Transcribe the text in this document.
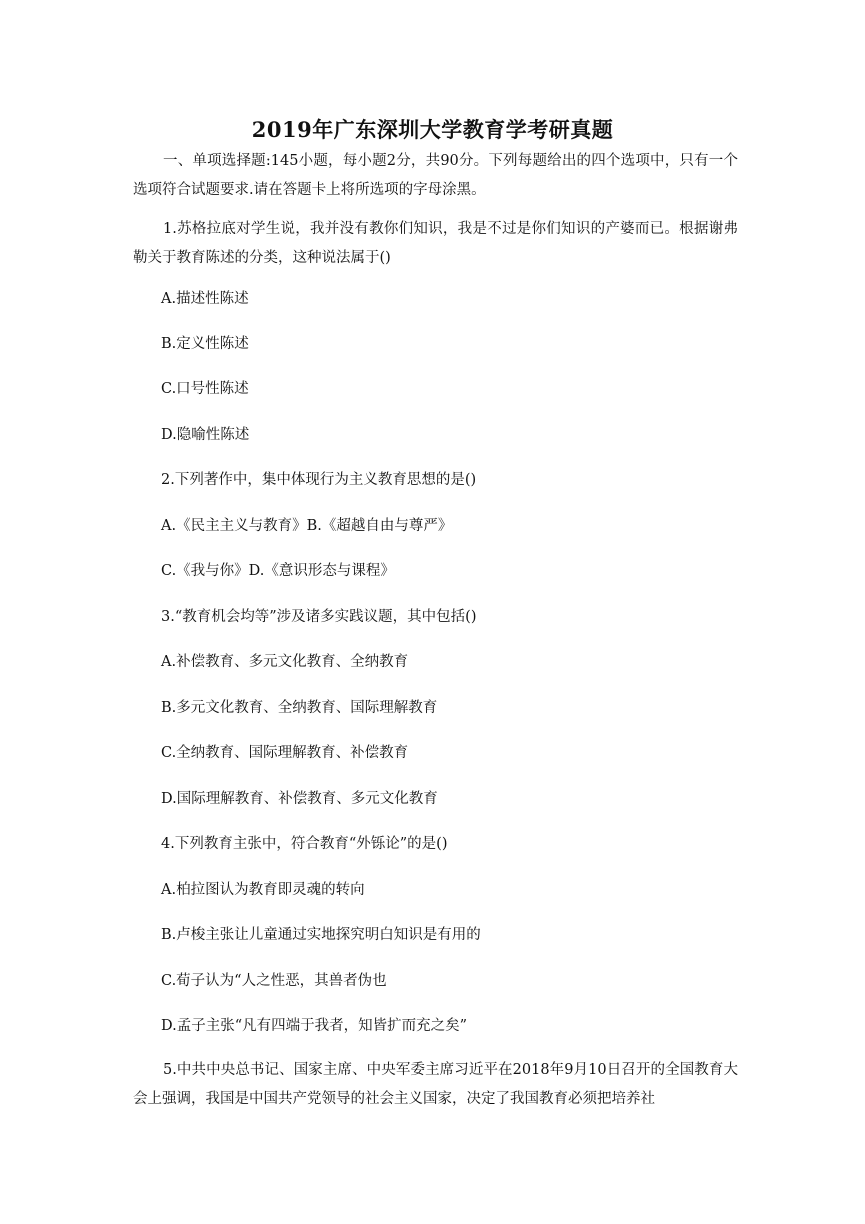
2019年广东深圳大学教育学考研真题
一、单项选择题:145小题，每小题2分，共90分。下列每题给出的四个选项中，只有一个选项符合试题要求.请在答题卡上将所选项的字母涂黑。
1.苏格拉底对学生说，我并没有教你们知识，我是不过是你们知识的产婆而已。根据谢弗勒关于教育陈述的分类，这种说法属于()
A.描述性陈述
B.定义性陈述
C.口号性陈述
D.隐喻性陈述
2.下列著作中，集中体现行为主义教育思想的是()
A.《民主主义与教育》B.《超越自由与尊严》
C.《我与你》D.《意识形态与课程》
3.“教育机会均等”涉及诸多实践议题，其中包括()
A.补偿教育、多元文化教育、全纳教育
B.多元文化教育、全纳教育、国际理解教育
C.全纳教育、国际理解教育、补偿教育
D.国际理解教育、补偿教育、多元文化教育
4.下列教育主张中，符合教育“外铄论”的是()
A.柏拉图认为教育即灵魂的转向
B.卢梭主张让儿童通过实地探究明白知识是有用的
C.荀子认为“人之性恶，其兽者伪也
D.孟子主张“凡有四端于我者，知皆扩而充之矣”
5.中共中央总书记、国家主席、中央军委主席习近平在2018年9月10日召开的全国教育大会上强调，我国是中国共产党领导的社会主义国家，决定了我国教育必须把培养社
